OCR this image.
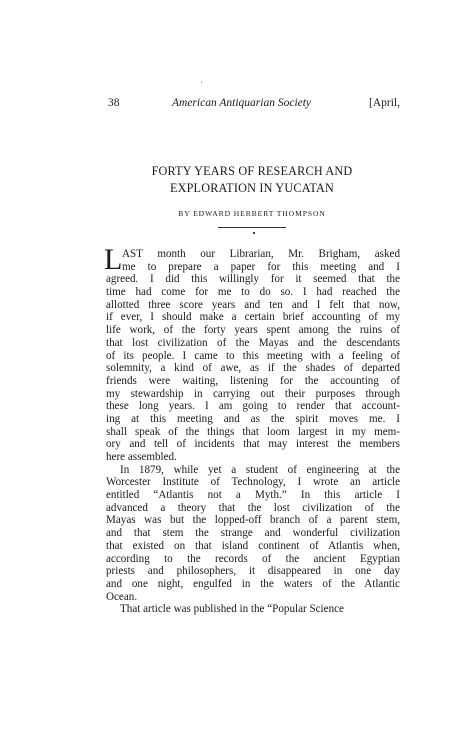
'
38	American Antiquarian Society	[April,
FORTY YEARS OF RESEARCH AND
EXPLORATION IN YUCATAN
BY EDWARD HERBERT THOMPSON
L AST month our Librarian, Mr. Brigham, asked
me to prepare a paper for this meeting and I
agreed. I did this willingly for it seemed that the
time had come for me to do so. I had reached the
allotted three score years and ten and I felt that now,
if ever, I should make a certain brief accounting of my
life work, of the forty years spent among the ruins of
that lost civilization of the Mayas and the descendants
of its people. I came to this meeting with a feeling of
solemnity, a kind of awe, as if the shades of departed
friends were waiting, listening for the accounting of
my stewardship in carrying out their purposes through
these long years. I am going to render that account-
ing at this meeting and as the spirit moves me. I
shall speak of the things that loom largest in my mem-
ory and tell of incidents that may interest the members
here assembled.
In 1879, while yet a student of engineering at the
Worcester Institute of Technology, I wrote an article
entitled “Atlantis not a Myth.” In this article I
advanced a theory that the lost civilization of the
Mayas was but the lopped-off branch of a parent stem,
and that stem the strange and wonderful civilization
that existed on that island continent of Atlantis when,
according to the records of the ancient Egyptian
priests and philosophers, it disappeared in one day
and one night, engulfed in the waters of the Atlantic
Ocean.
That article was published in the “Popular Science
